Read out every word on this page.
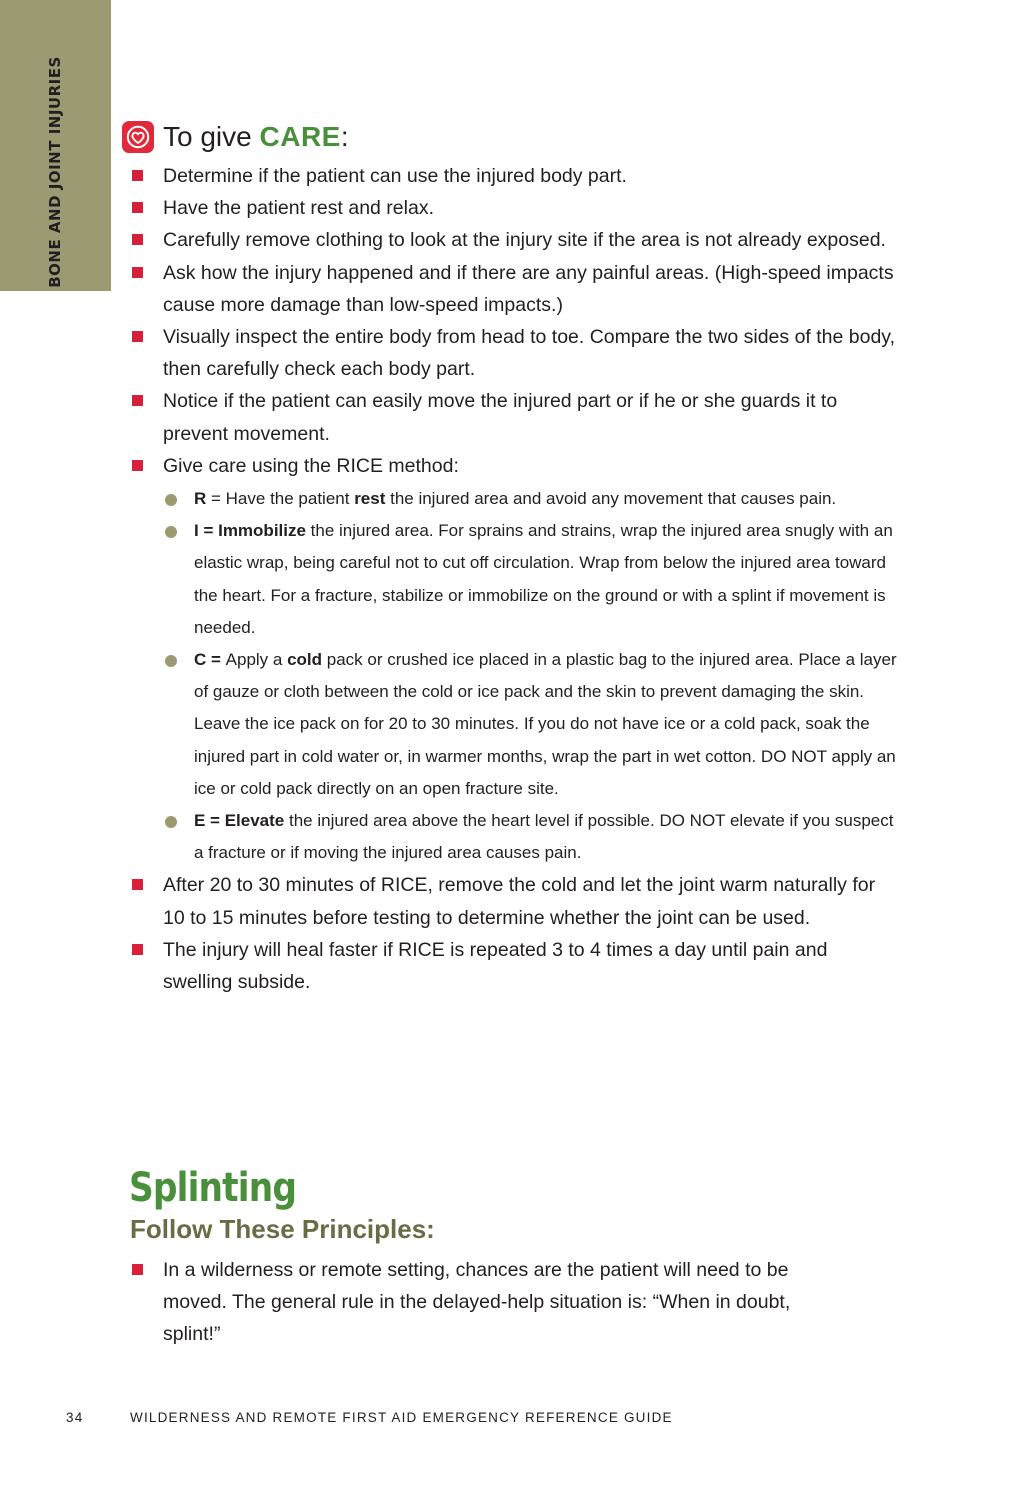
BONE AND JOINT INJURIES	To give CARE:
Determine if the patient can use the injured body part.
Have the patient rest and relax.
Carefully remove clothing to look at the injury site if the area is not already exposed.
Ask how the injury happened and if there are any painful areas. (High-speed impacts cause more damage than low-speed impacts.)
Visually inspect the entire body from head to toe. Compare the two sides of the body, then carefully check each body part.
Notice if the patient can easily move the injured part or if he or she guards it to prevent movement.
Give care using the RICE method:
R = Have the patient rest the injured area and avoid any movement that causes pain.
I = Immobilize the injured area. For sprains and strains, wrap the injured area snugly with an elastic wrap, being careful not to cut off circulation. Wrap from below the injured area toward the heart. For a fracture, stabilize or immobilize on the ground or with a splint if movement is needed.
C = Apply a cold pack or crushed ice placed in a plastic bag to the injured area. Place a layer of gauze or cloth between the cold or ice pack and the skin to prevent damaging the skin. Leave the ice pack on for 20 to 30 minutes. If you do not have ice or a cold pack, soak the injured part in cold water or, in warmer months, wrap the part in wet cotton. DO NOT apply an ice or cold pack directly on an open fracture site.
E = Elevate the injured area above the heart level if possible. DO NOT elevate if you suspect a fracture or if moving the injured area causes pain.
After 20 to 30 minutes of RICE, remove the cold and let the joint warm naturally for 10 to 15 minutes before testing to determine whether the joint can be used.
The injury will heal faster if RICE is repeated 3 to 4 times a day until pain and swelling subside.
Splinting
Follow These Principles:
In a wilderness or remote setting, chances are the patient will need to be moved. The general rule in the delayed-help situation is: “When in doubt, splint!”
34	WILDERNESS AND REMOTE FIRST AID EMERGENCY REFERENCE GUIDE
